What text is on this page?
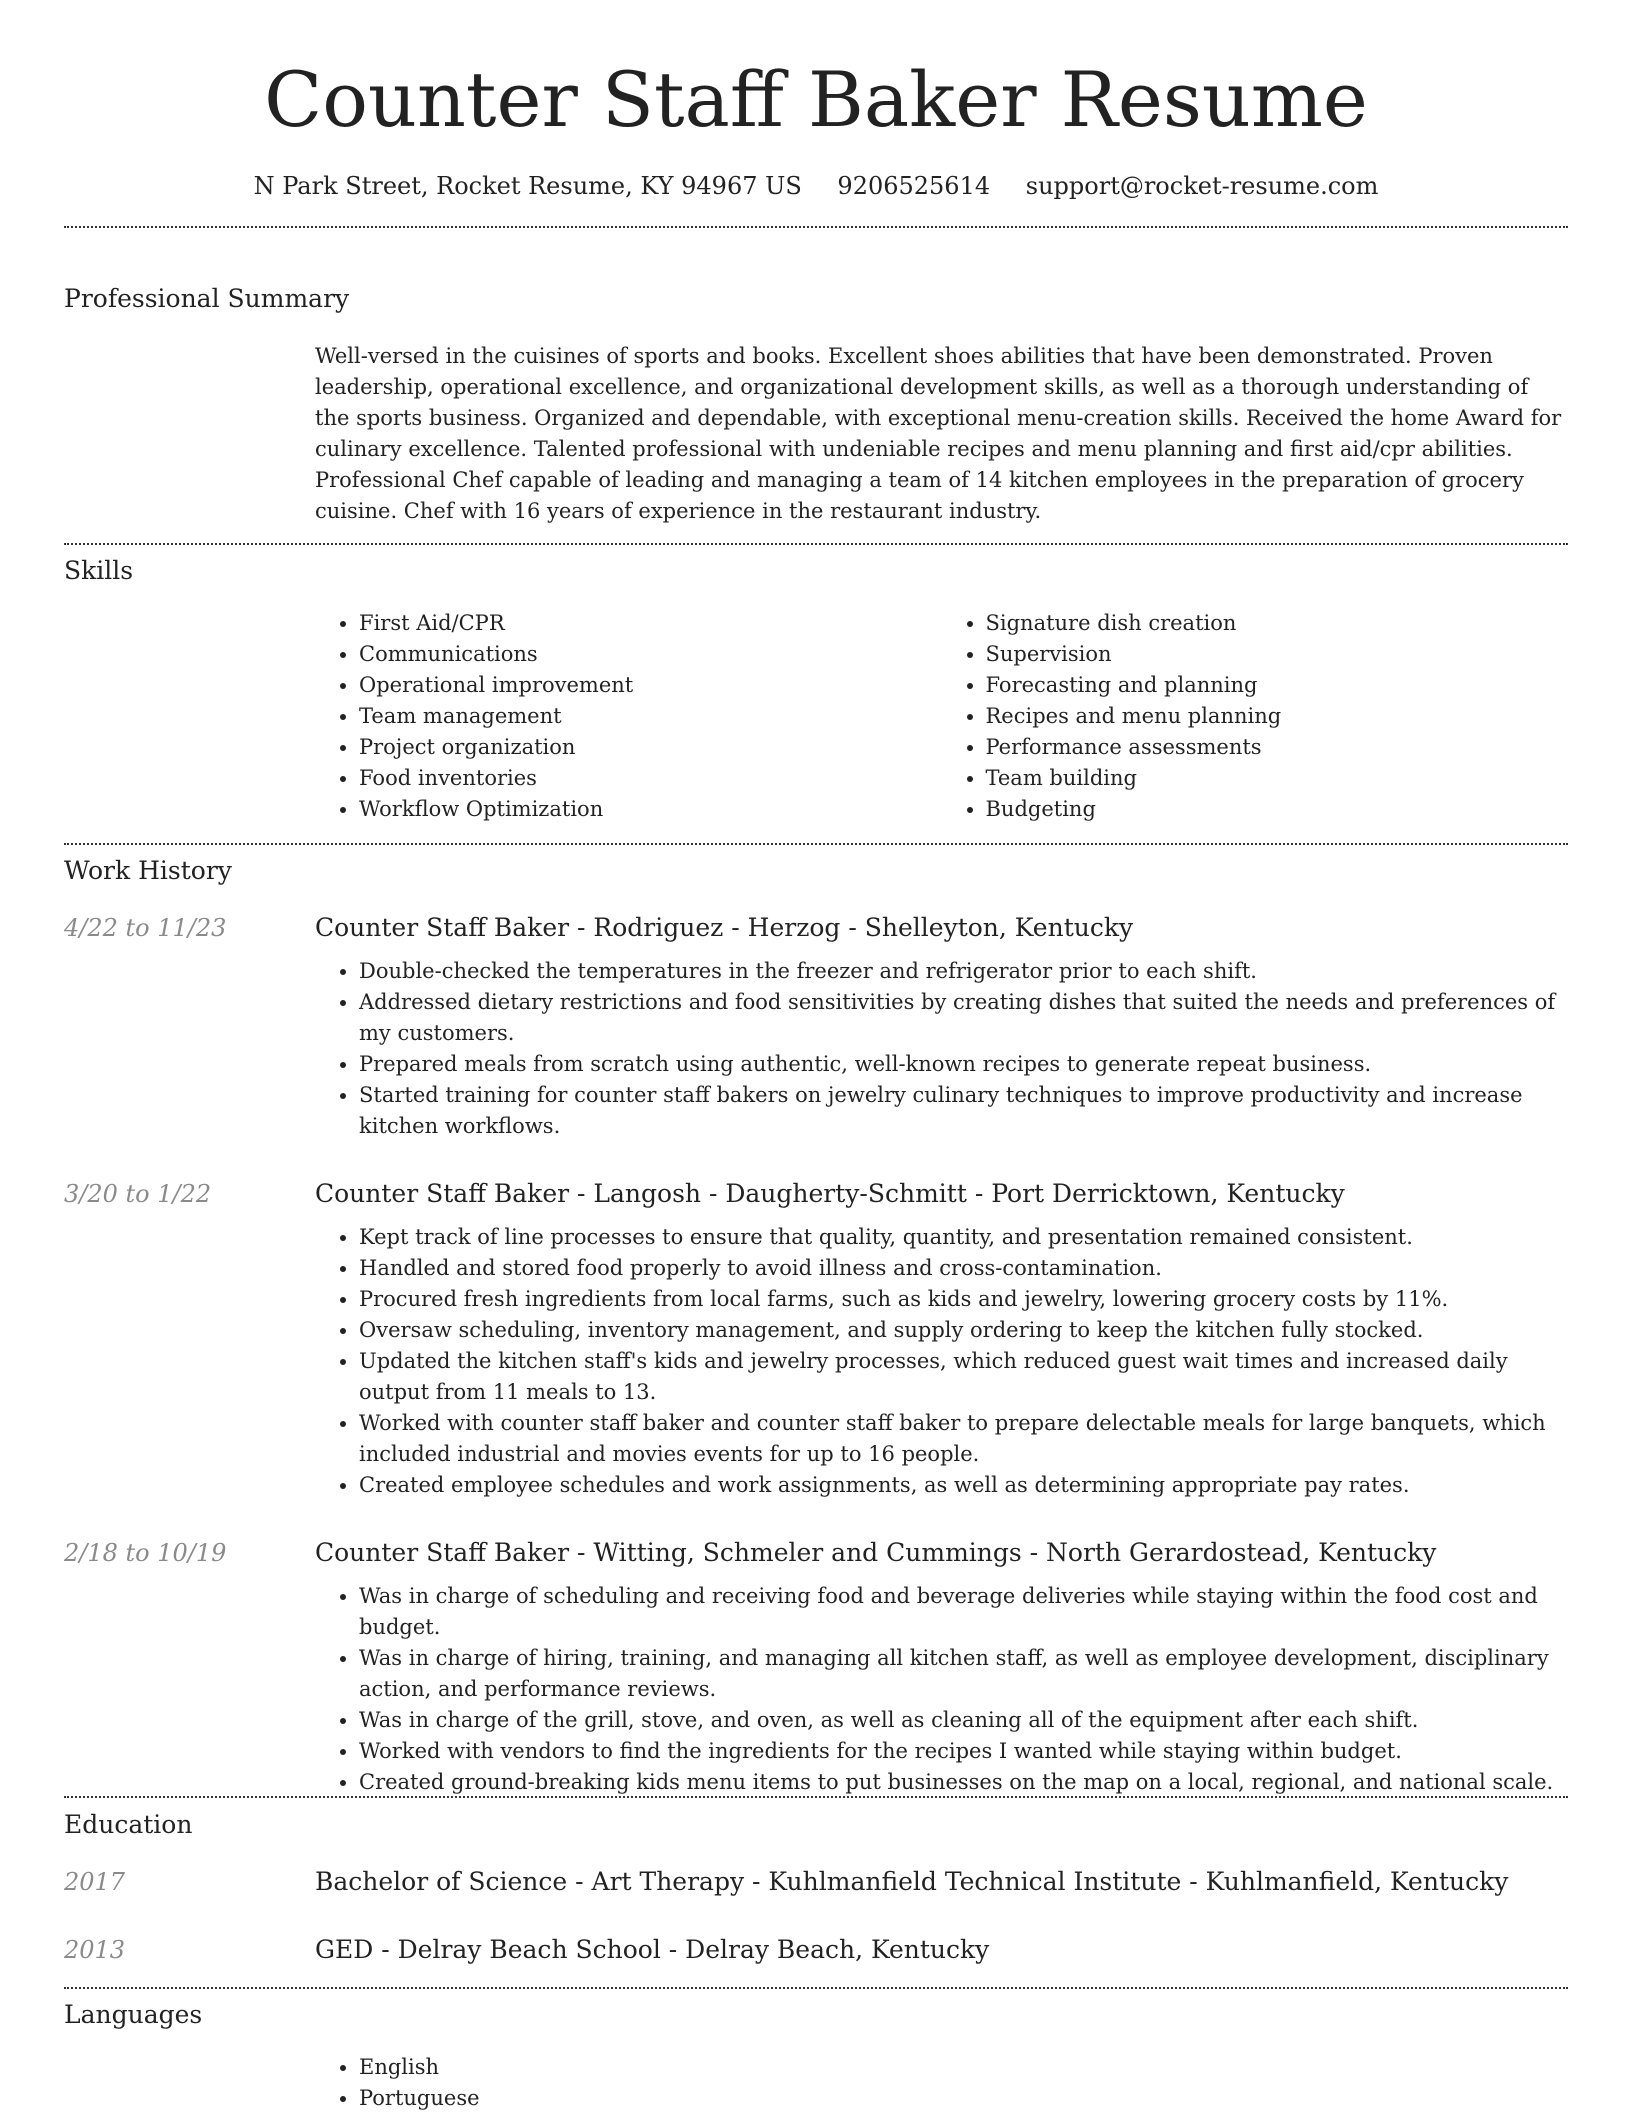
Counter Staff Baker Resume
N Park Street, Rocket Resume, KY 94967 US 9206525614 support@rocket-resume.com
Professional Summary

Well-versed in the cuisines of sports and books. Excellent shoes abilities that have been demonstrated. Proven leadership, operational excellence, and organizational development skills, as well as a thorough understanding of the sports business. Organized and dependable, with exceptional menu-creation skills. Received the home Award for culinary excellence. Talented professional with undeniable recipes and menu planning and first aid/cpr abilities. Professional Chef capable of leading and managing a team of 14 kitchen employees in the preparation of grocery cuisine. Chef with 16 years of experience in the restaurant industry.

Skills
• First Aid/CPR
• Communications
• Operational improvement
• Team management
• Project organization
• Food inventories
• Workflow Optimization
• Signature dish creation
• Supervision
• Forecasting and planning
• Recipes and menu planning
• Performance assessments
• Team building
• Budgeting
Work History
4/22 to 11/23	Counter Staff Baker - Rodriguez - Herzog - Shelleyton, Kentucky
• Double-checked the temperatures in the freezer and refrigerator prior to each shift.
• Addressed dietary restrictions and food sensitivities by creating dishes that suited the needs and preferences of my customers.
• Prepared meals from scratch using authentic, well-known recipes to generate repeat business.
• Started training for counter staff bakers on jewelry culinary techniques to improve productivity and increase kitchen workflows.
3/20 to 1/22	Counter Staff Baker - Langosh - Daugherty-Schmitt - Port Derricktown, Kentucky
• Kept track of line processes to ensure that quality, quantity, and presentation remained consistent.
• Handled and stored food properly to avoid illness and cross-contamination.
• Procured fresh ingredients from local farms, such as kids and jewelry, lowering grocery costs by 11%.
• Oversaw scheduling, inventory management, and supply ordering to keep the kitchen fully stocked.
• Updated the kitchen staff's kids and jewelry processes, which reduced guest wait times and increased daily output from 11 meals to 13.
• Worked with counter staff baker and counter staff baker to prepare delectable meals for large banquets, which included industrial and movies events for up to 16 people.
• Created employee schedules and work assignments, as well as determining appropriate pay rates.
2/18 to 10/19	Counter Staff Baker - Witting, Schmeler and Cummings - North Gerardostead, Kentucky
• Was in charge of scheduling and receiving food and beverage deliveries while staying within the food cost and budget.
• Was in charge of hiring, training, and managing all kitchen staff, as well as employee development, disciplinary action, and performance reviews.
• Was in charge of the grill, stove, and oven, as well as cleaning all of the equipment after each shift.
• Worked with vendors to find the ingredients for the recipes I wanted while staying within budget.
• Created ground-breaking kids menu items to put businesses on the map on a local, regional, and national scale.
Education
2017	Bachelor of Science - Art Therapy - Kuhlmanfield Technical Institute - Kuhlmanfield, Kentucky
2013	GED - Delray Beach School - Delray Beach, Kentucky
Languages
• English
• Portuguese
